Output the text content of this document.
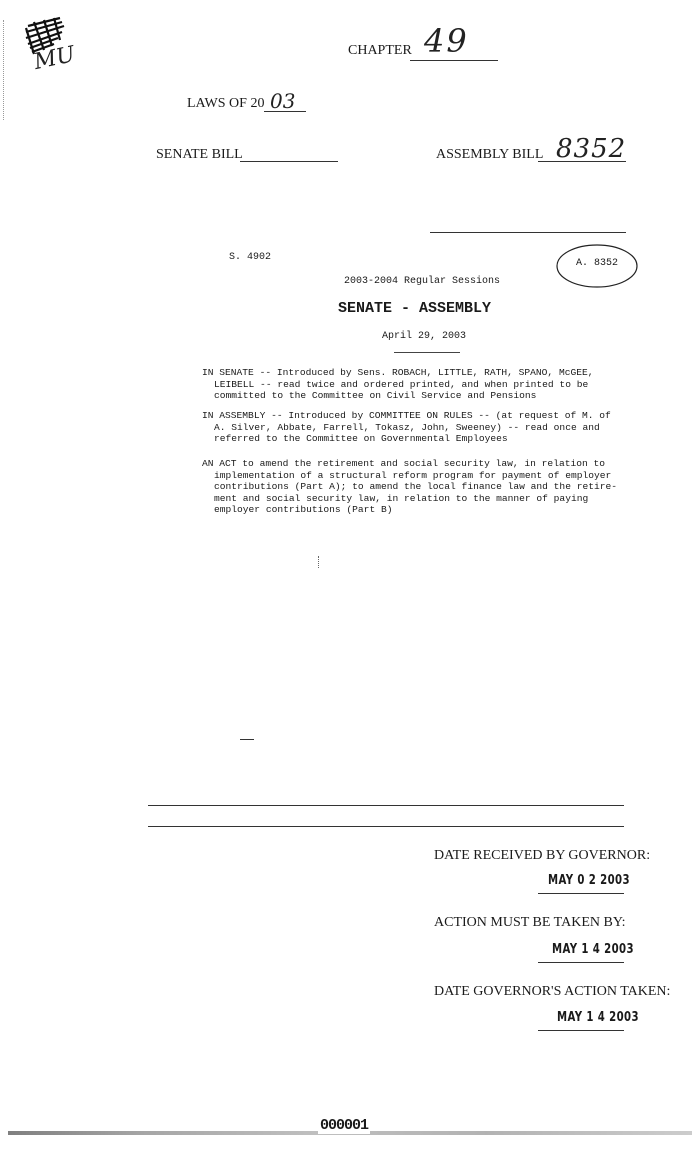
MU	CHAPTER 49
LAWS OF 20 03
SENATE BILL	ASSEMBLY BILL 8352
S. 4902
A. 8352
2003-2004 Regular Sessions
SENATE - ASSEMBLY
April 29, 2003

IN SENATE -- Introduced by Sens. ROBACH, LITTLE, RATH, SPANO, McGEE,

LEIBELL -- read twice and ordered printed, and when printed to be

committed to the Committee on Civil Service and Pensions

IN ASSEMBLY -- Introduced by COMMITTEE ON RULES -- (at request of M. of

A. Silver, Abbate, Farrell, Tokasz, John, Sweeney) -- read once and

referred to the Committee on Governmental Employees

AN ACT to amend the retirement and social security law, in relation to

implementation of a structural reform program for payment of employer

contributions (Part A); to amend the local finance law and the retire-

ment and social security law, in relation to the manner of paying

employer contributions (Part B)

DATE RECEIVED BY GOVERNOR:
MAY 0 2 2003
ACTION MUST BE TAKEN BY:
MAY 1 4 2003
DATE GOVERNOR'S ACTION TAKEN:
MAY 1 4 2003
000001
